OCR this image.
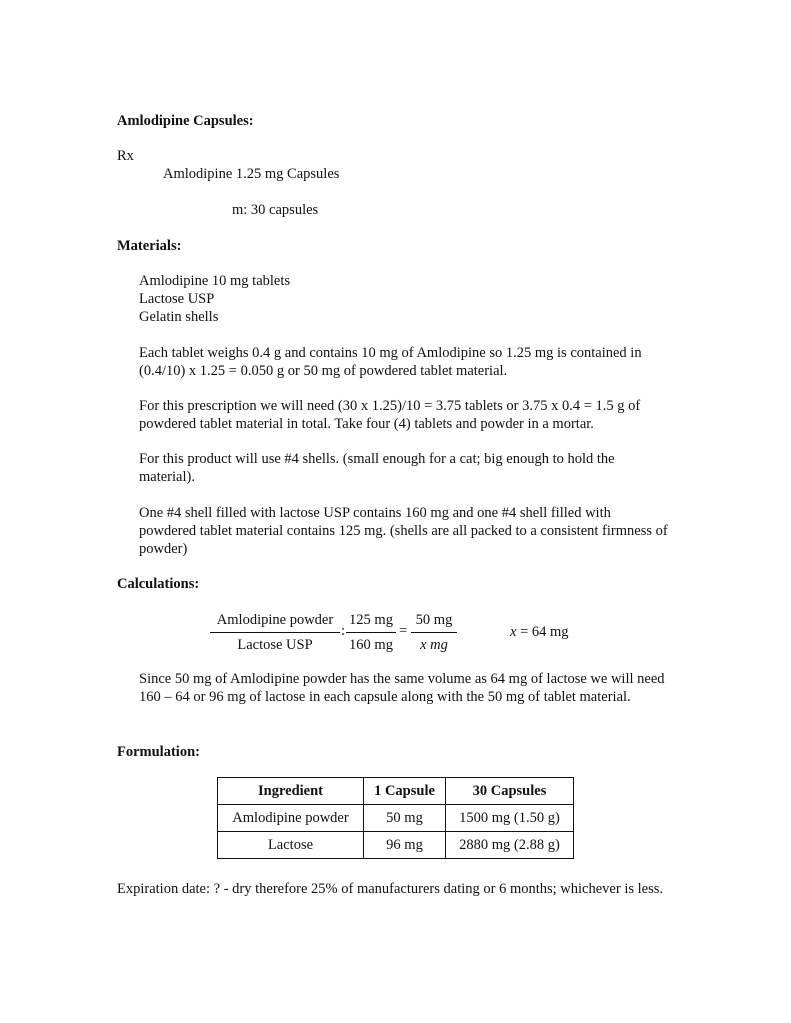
Amlodipine Capsules:
Rx
Amlodipine 1.25 mg Capsules
m: 30 capsules
Materials:
Amlodipine 10 mg tablets
Lactose USP
Gelatin shells
Each tablet weighs 0.4 g and contains 10 mg of Amlodipine so 1.25 mg is contained in (0.4/10) x 1.25 = 0.050 g or 50 mg of powdered tablet material.
For this prescription we will need (30 x 1.25)/10 = 3.75 tablets or 3.75 x 0.4 = 1.5 g of powdered tablet material in total. Take four (4) tablets and powder in a mortar.
For this product will use #4 shells. (small enough for a cat; big enough to hold the material).
One #4 shell filled with lactose USP contains 160 mg and one #4 shell filled with powdered tablet material contains 125 mg. (shells are all packed to a consistent firmness of powder)
Calculations:
Amlodipine powder
Lactose USP
: $\frac{125 mg}{160 mg} = \frac{50 mg}{\text{x mg}}$	x = 64 mg
Since 50 mg of Amlodipine powder has the same volume as 64 mg of lactose we will need 160 – 64 or 96 mg of lactose in each capsule along with the 50 mg of tablet material.
Formulation:
Ingredient	1 Capsule	30 Capsules
Amlodipine powder	50 mg	1500 mg (1.50 g)
Lactose	96 mg	2880 mg (2.88 g)
Expiration date: ? - dry therefore 25% of manufacturers dating or 6 months; whichever is less.
